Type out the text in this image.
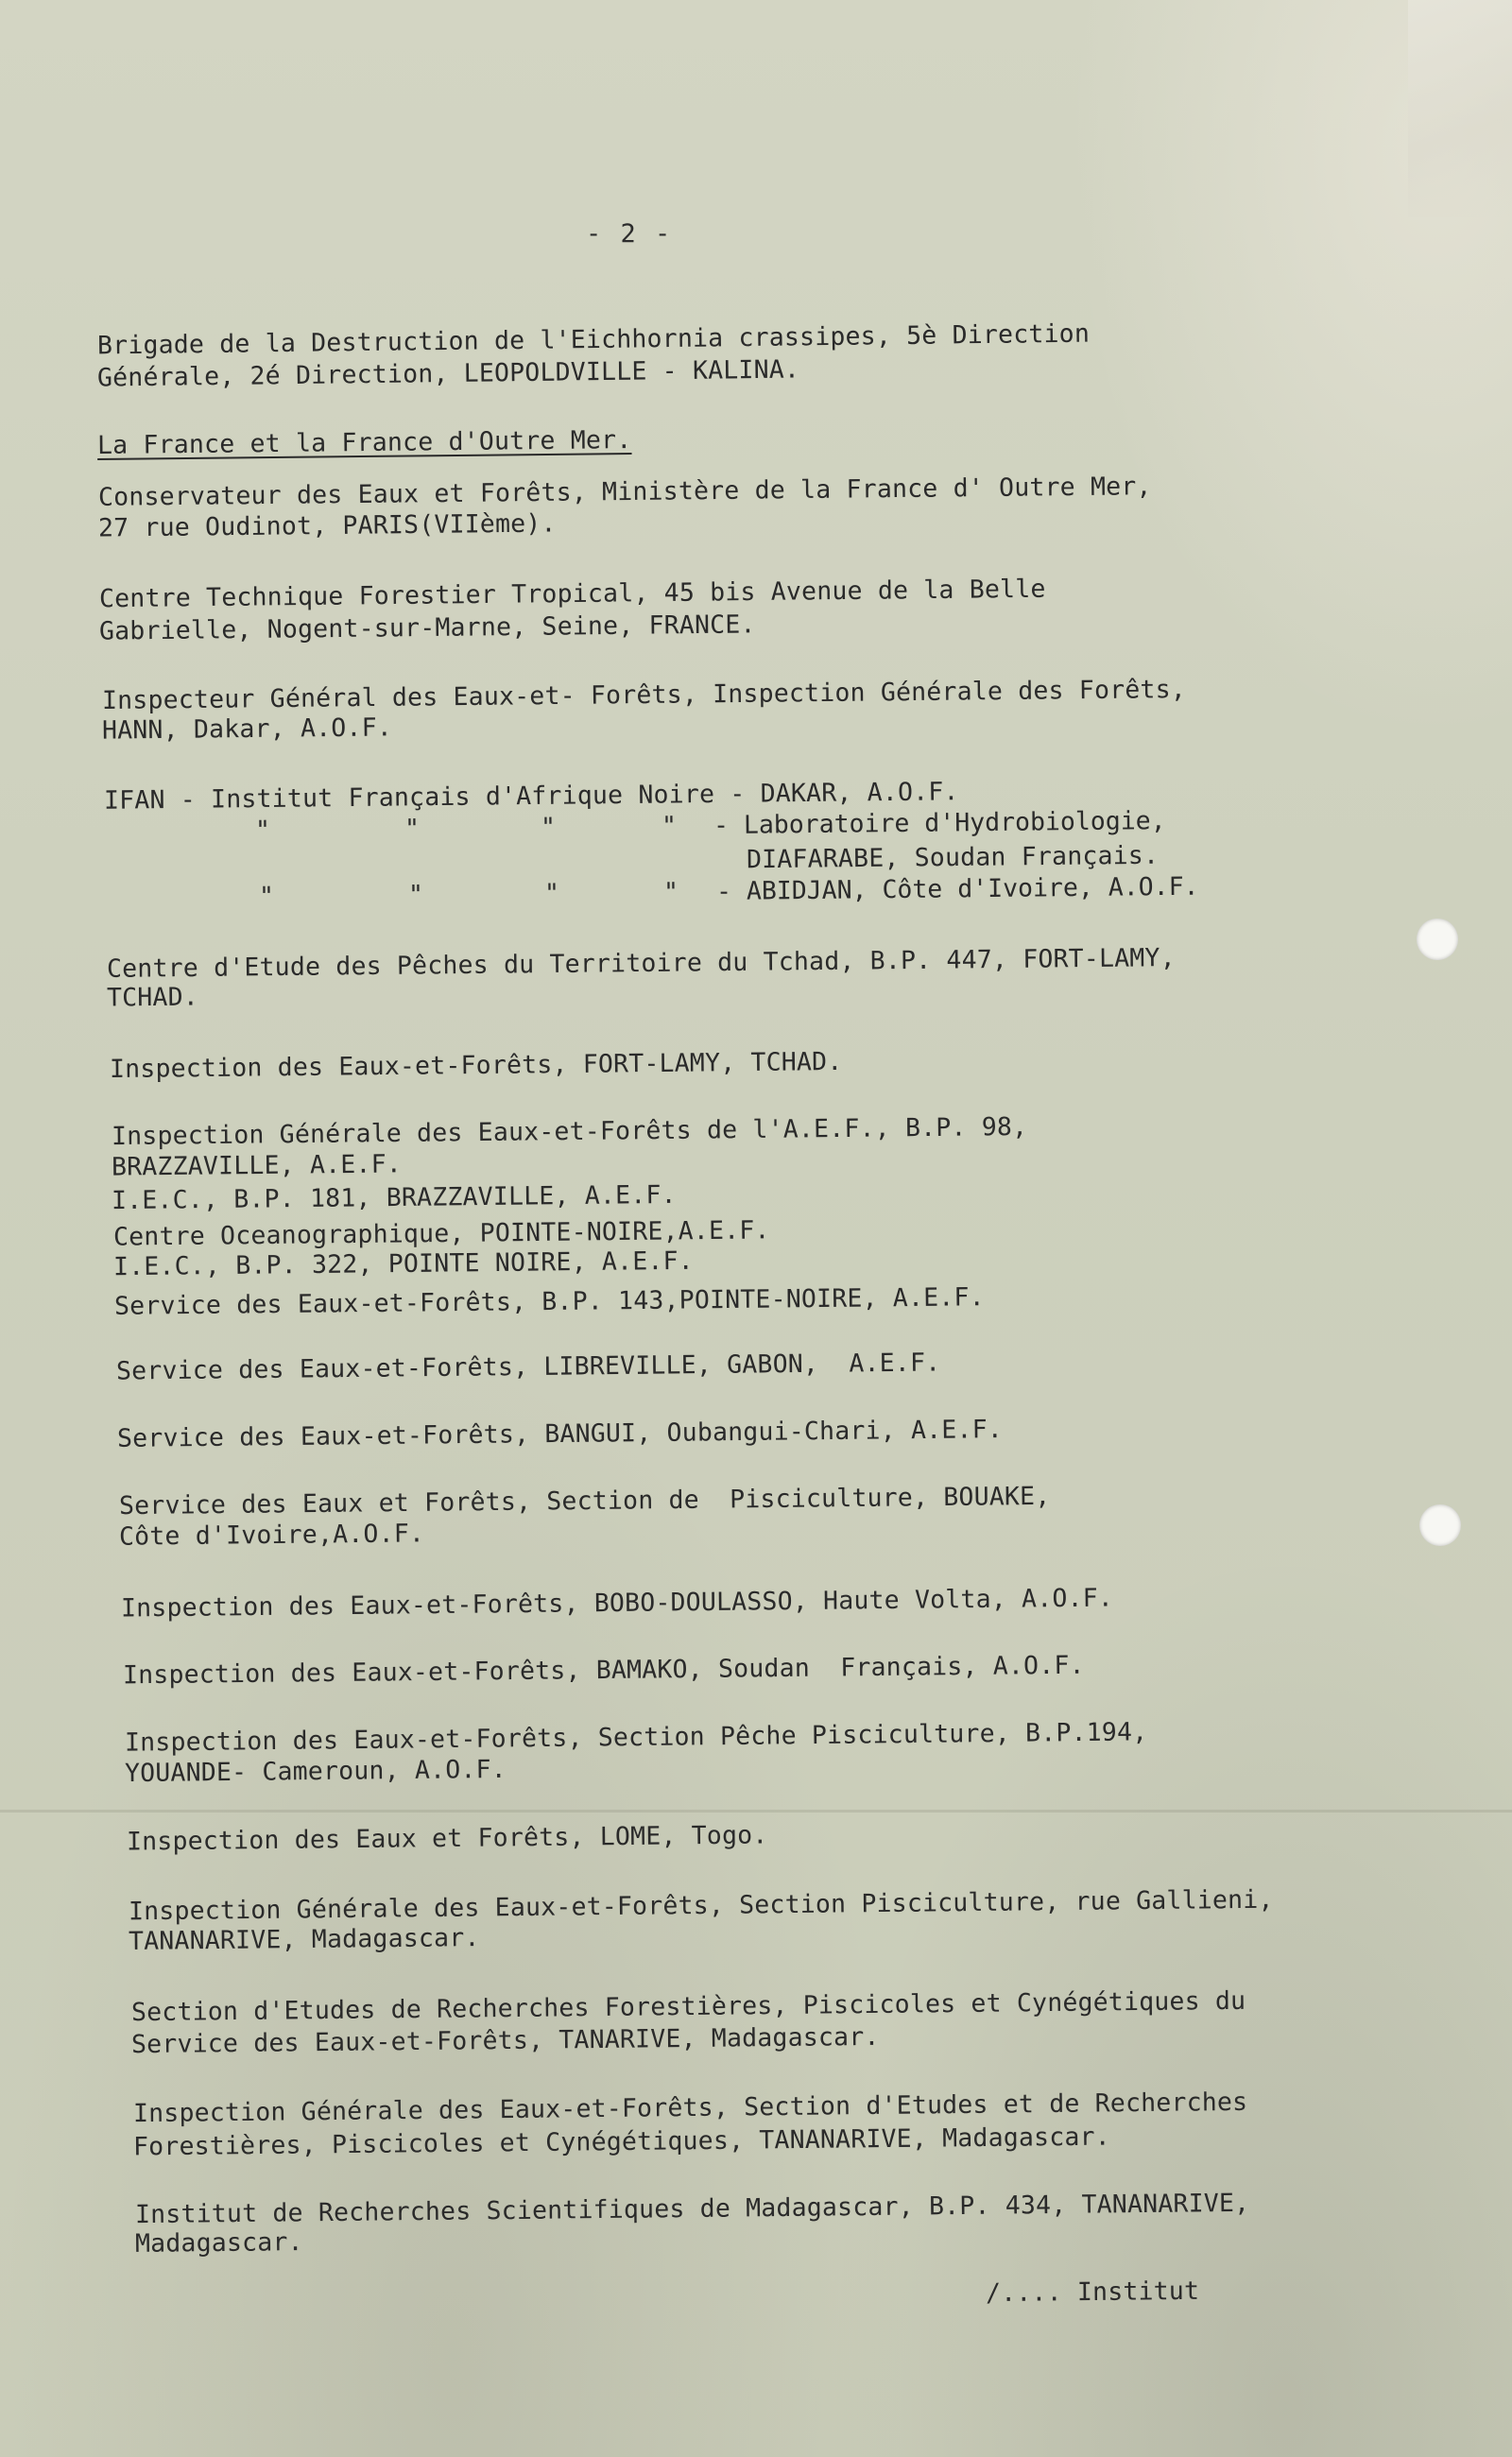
- 2 -
Brigade de la Destruction de l'Eichhornia crassipes, 5è Direction
Générale, 2é Direction, LEOPOLDVILLE - KALINA.
La France et la France d'Outre Mer.
Conservateur des Eaux et Forêts, Ministère de la France d' Outre Mer,
27 rue Oudinot, PARIS(VIIème).
Centre Technique Forestier Tropical, 45 bis Avenue de la Belle
Gabrielle, Nogent-sur-Marne, Seine, FRANCE.
Inspecteur Général des Eaux-et- Forêts, Inspection Générale des Forêts,
HANN, Dakar, A.O.F.
IFAN - Institut Français d'Afrique Noire - DAKAR, A.O.F.
"	"	"	" - Laboratoire d'Hydrobiologie,
DIAFARABE, Soudan Français.
"	"	"	" - ABIDJAN, Côte d'Ivoire, A.O.F.
Centre d'Etude des Pêches du Territoire du Tchad, B.P. 447, FORT-LAMY,
TCHAD.
Inspection des Eaux-et-Forêts, FORT-LAMY, TCHAD.
Inspection Générale des Eaux-et-Forêts de l'A.E.F., B.P. 98,
BRAZZAVILLE, A.E.F.
I.E.C., B.P. 181, BRAZZAVILLE, A.E.F.
Centre Oceanographique, POINTE-NOIRE,A.E.F.
I.E.C., B.P. 322, POINTE NOIRE, A.E.F.
Service des Eaux-et-Forêts, B.P. 143,POINTE-NOIRE, A.E.F.
Service des Eaux-et-Forêts, LIBREVILLE, GABON,  A.E.F.
Service des Eaux-et-Forêts, BANGUI, Oubangui-Chari, A.E.F.
Service des Eaux et Forêts, Section de  Pisciculture, BOUAKE,
Côte d'Ivoire,A.O.F.
Inspection des Eaux-et-Forêts, BOBO-DOULASSO, Haute Volta, A.O.F.
Inspection des Eaux-et-Forêts, BAMAKO, Soudan  Français, A.O.F.
Inspection des Eaux-et-Forêts, Section Pêche Pisciculture, B.P.194,
YOUANDE- Cameroun, A.O.F.
Inspection des Eaux et Forêts, LOME, Togo.
Inspection Générale des Eaux-et-Forêts, Section Pisciculture, rue Gallieni,
TANANARIVE, Madagascar.
Section d'Etudes de Recherches Forestières, Piscicoles et Cynégétiques du
Service des Eaux-et-Forêts, TANARIVE, Madagascar.
Inspection Générale des Eaux-et-Forêts, Section d'Etudes et de Recherches
Forestières, Piscicoles et Cynégétiques, TANANARIVE, Madagascar.
Institut de Recherches Scientifiques de Madagascar, B.P. 434, TANANARIVE,
Madagascar.
/.... Institut
